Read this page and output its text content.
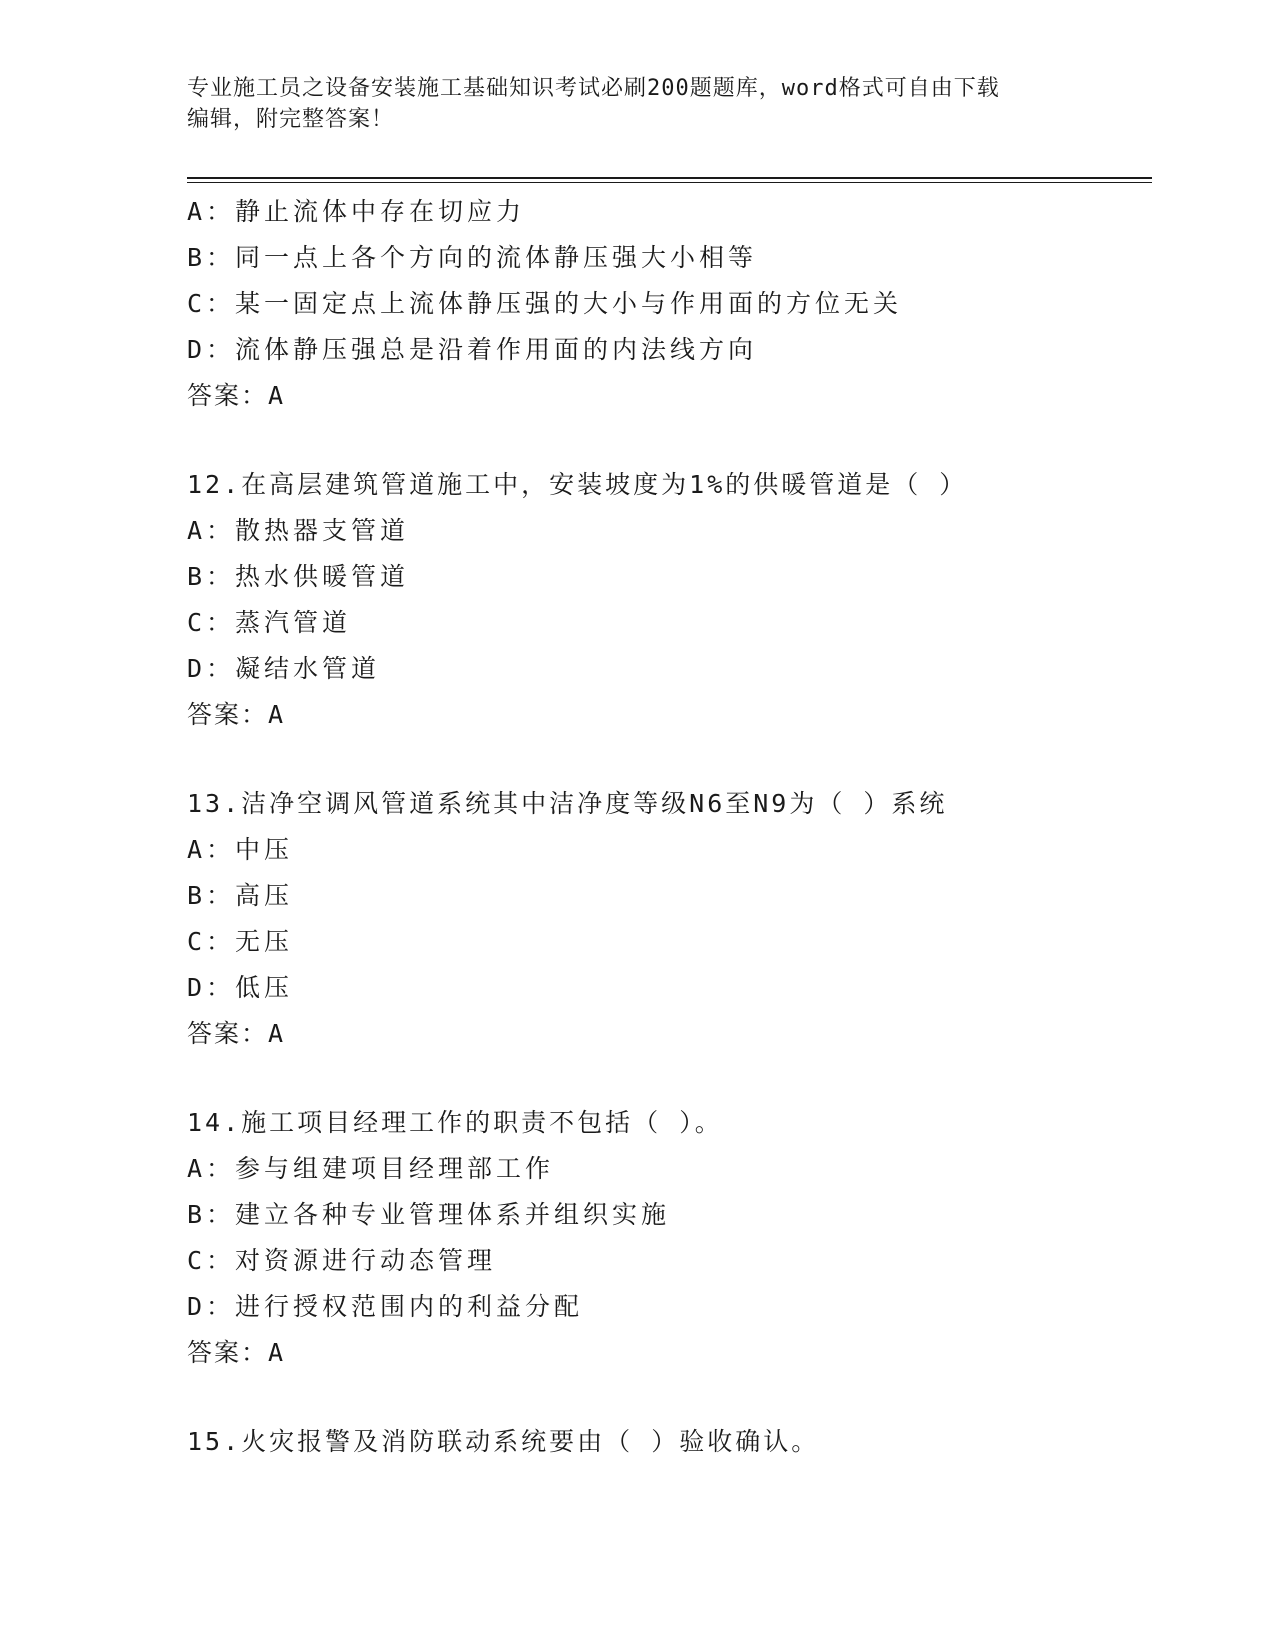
专业施工员之设备安装施工基础知识考试必刷200题题库，word格式可自由下载
编辑，附完整答案！
A：静止流体中存在切应力
B：同一点上各个方向的流体静压强大小相等
C：某一固定点上流体静压强的大小与作用面的方位无关
D：流体静压强总是沿着作用面的内法线方向
答案：A
12.在高层建筑管道施工中，安装坡度为1%的供暖管道是（ ）
A：散热器支管道
B：热水供暖管道
C：蒸汽管道
D：凝结水管道
答案：A
13.洁净空调风管道系统其中洁净度等级N6至N9为（ ）系统
A：中压
B：高压
C：无压
D：低压
答案：A
14.施工项目经理工作的职责不包括（ ）。
A：参与组建项目经理部工作
B：建立各种专业管理体系并组织实施
C：对资源进行动态管理
D：进行授权范围内的利益分配
答案：A
15.火灾报警及消防联动系统要由（ ）验收确认。
